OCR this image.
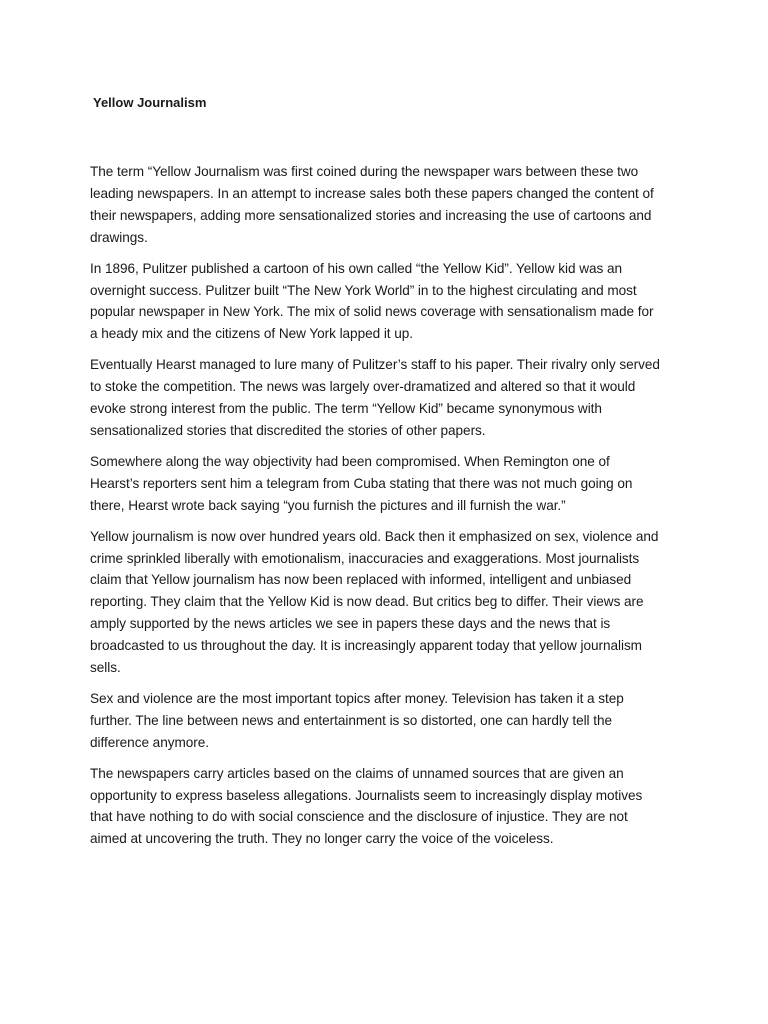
Yellow Journalism

The term “Yellow Journalism was first coined during the newspaper wars between these two
leading newspapers. In an attempt to increase sales both these papers changed the content of
their newspapers, adding more sensationalized stories and increasing the use of cartoons and
drawings.

In 1896, Pulitzer published a cartoon of his own called “the Yellow Kid”. Yellow kid was an
overnight success. Pulitzer built “The New York World” in to the highest circulating and most
popular newspaper in New York. The mix of solid news coverage with sensationalism made for
a heady mix and the citizens of New York lapped it up.

Eventually Hearst managed to lure many of Pulitzer’s staff to his paper. Their rivalry only served
to stoke the competition. The news was largely over-dramatized and altered so that it would
evoke strong interest from the public. The term “Yellow Kid” became synonymous with
sensationalized stories that discredited the stories of other papers.

Somewhere along the way objectivity had been compromised. When Remington one of
Hearst’s reporters sent him a telegram from Cuba stating that there was not much going on
there, Hearst wrote back saying “you furnish the pictures and ill furnish the war.”

Yellow journalism is now over hundred years old. Back then it emphasized on sex, violence and
crime sprinkled liberally with emotionalism, inaccuracies and exaggerations. Most journalists
claim that Yellow journalism has now been replaced with informed, intelligent and unbiased
reporting. They claim that the Yellow Kid is now dead. But critics beg to differ. Their views are
amply supported by the news articles we see in papers these days and the news that is
broadcasted to us throughout the day. It is increasingly apparent today that yellow journalism
sells.

Sex and violence are the most important topics after money. Television has taken it a step
further. The line between news and entertainment is so distorted, one can hardly tell the
difference anymore.

The newspapers carry articles based on the claims of unnamed sources that are given an
opportunity to express baseless allegations. Journalists seem to increasingly display motives
that have nothing to do with social conscience and the disclosure of injustice. They are not
aimed at uncovering the truth. They no longer carry the voice of the voiceless.
